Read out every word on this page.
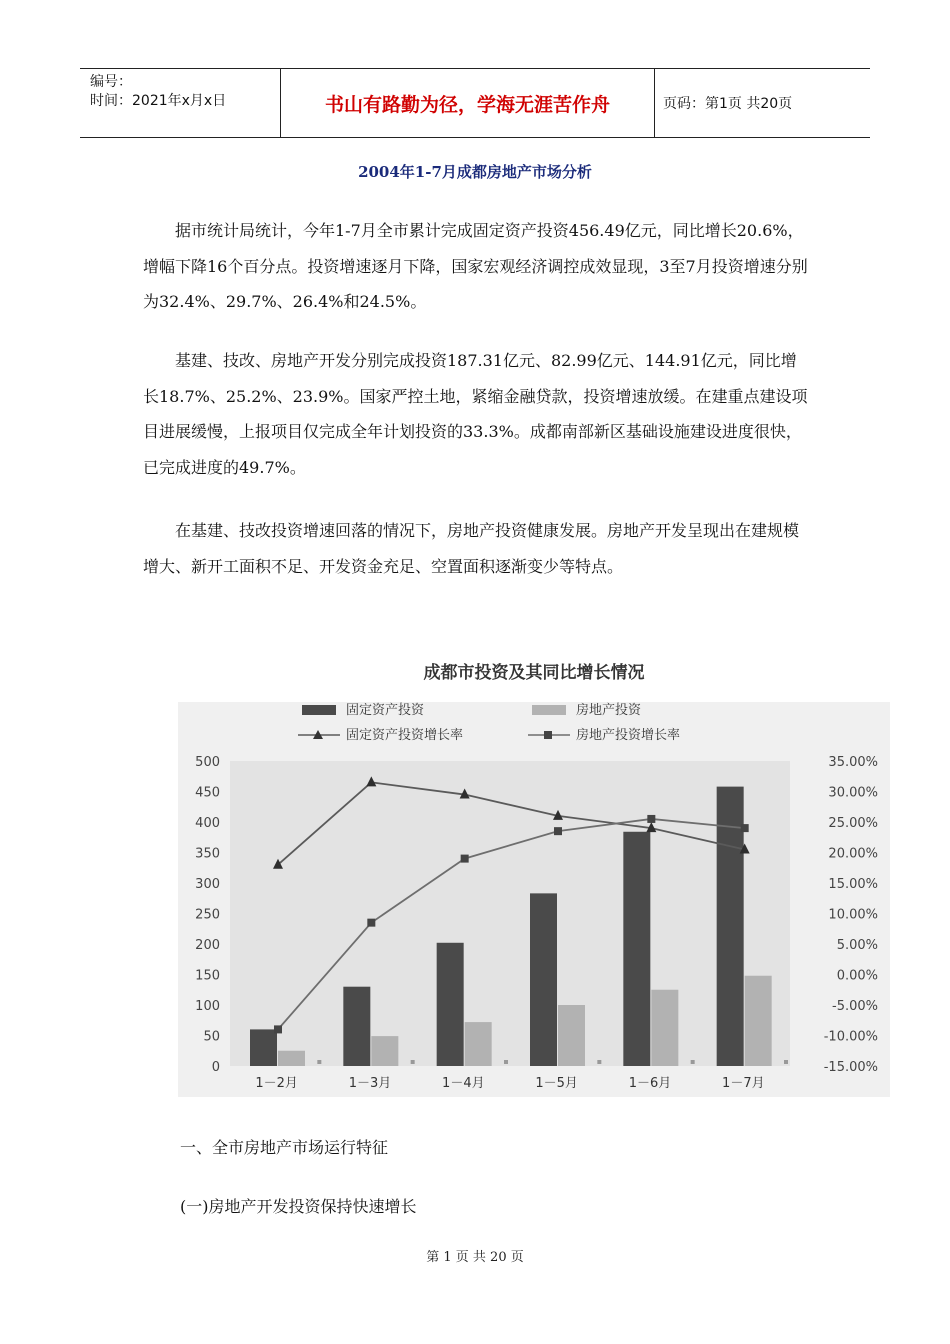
编号：
时间：2021年x月x日	书山有路勤为径，学海无涯苦作舟	页码：第1页 共20页
2004年1-7月成都房地产市场分析

据市统计局统计，今年1-7月全市累计完成固定资产投资456.49亿元，同比增长20.6%，增幅下降16个百分点。投资增速逐月下降，国家宏观经济调控成效显现，3至7月投资增速分别为32.4%、29.7%、26.4%和24.5%。

基建、技改、房地产开发分别完成投资187.31亿元、82.99亿元、144.91亿元，同比增长18.7%、25.2%、23.9%。国家严控土地，紧缩金融贷款，投资增速放缓。在建重点建设项目进展缓慢，上报项目仅完成全年计划投资的33.3%。成都南部新区基础设施建设进度很快，已完成进度的49.7%。

在基建、技改投资增速回落的情况下，房地产投资健康发展。房地产开发呈现出在建规模增大、新开工面积不足、开发资金充足、空置面积逐渐变少等特点。

成都市投资及其同比增长情况
固定资产投资	房地产投资
固定资产投资增长率	房地产投资增长率
0
50
100
150
200
250
300
350
400
450
500
-15.00%
-10.00%
-5.00%
0.00%
5.00%
10.00%
15.00%
20.00%
25.00%
30.00%
35.00%
1－2月	1－3月	1－4月	1－5月	1－6月	1－7月
一、全市房地产市场运行特征
(一)房地产开发投资保持快速增长
第 1 页 共 20 页
